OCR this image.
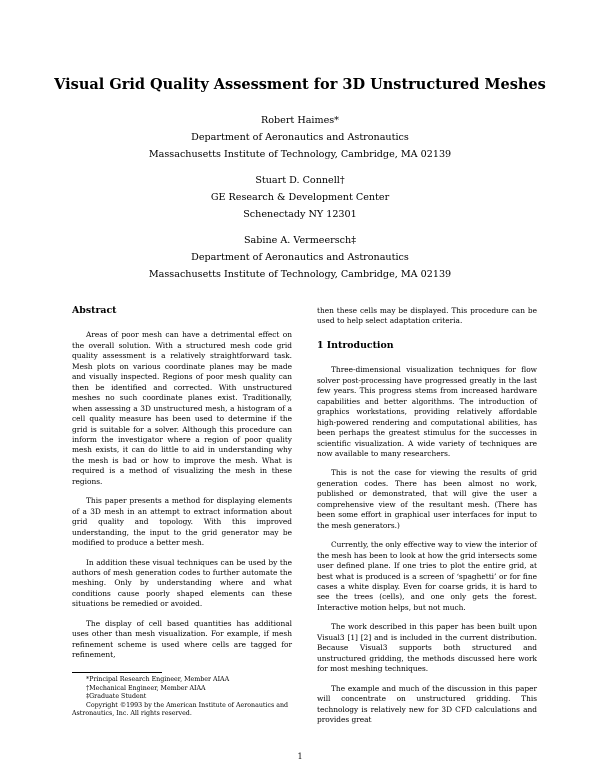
Visual Grid Quality Assessment for 3D Unstructured Meshes
Robert Haimes*
Department of Aeronautics and Astronautics
Massachusetts Institute of Technology, Cambridge, MA 02139
Stuart D. Connell†
GE Research & Development Center
Schenectady NY 12301
Sabine A. Vermeersch‡
Department of Aeronautics and Astronautics
Massachusetts Institute of Technology, Cambridge, MA 02139
Abstract

Areas of poor mesh can have a detrimental effect on the overall solution. With a structured mesh code grid quality assessment is a relatively straightforward task. Mesh plots on various coordinate planes may be made and visually inspected. Regions of poor mesh quality can then be identified and corrected. With unstructured meshes no such coordinate planes exist. Traditionally, when assessing a 3D unstructured mesh, a histogram of a cell quality measure has been used to determine if the grid is suitable for a solver. Although this procedure can inform the investigator where a region of poor quality mesh exists, it can do little to aid in understanding why the mesh is bad or how to improve the mesh. What is required is a method of visualizing the mesh in these regions.

This paper presents a method for displaying elements of a 3D mesh in an attempt to extract information about grid quality and topology. With this improved understanding, the input to the grid generator may be modified to produce a better mesh.

In addition these visual techniques can be used by the authors of mesh generation codes to further automate the meshing. Only by understanding where and what conditions cause poorly shaped elements can these situations be remedied or avoided.

The display of cell based quantities has additional uses other than mesh visualization. For example, if mesh refinement scheme is used where cells are tagged for refinement,

*Principal Research Engineer, Member AIAA
†Mechanical Engineer, Member AIAA
‡Graduate Student
Copyright ©1993 by the American Institute of Aeronautics and Astronautics, Inc. All rights reserved.

then these cells may be displayed. This procedure can be used to help select adaptation criteria.

1 Introduction

Three-dimensional visualization techniques for flow solver post-processing have progressed greatly in the last few years. This progress stems from increased hardware capabilities and better algorithms. The introduction of graphics workstations, providing relatively affordable high-powered rendering and computational abilities, has been perhaps the greatest stimulus for the successes in scientific visualization. A wide variety of techniques are now available to many researchers.

This is not the case for viewing the results of grid generation codes. There has been almost no work, published or demonstrated, that will give the user a comprehensive view of the resultant mesh. (There has been some effort in graphical user interfaces for input to the mesh generators.)

Currently, the only effective way to view the interior of the mesh has been to look at how the grid intersects some user defined plane. If one tries to plot the entire grid, at best what is produced is a screen of ‘spaghetti’ or for fine cases a white display. Even for coarse grids, it is hard to see the trees (cells), and one only gets the forest. Interactive motion helps, but not much.

The work described in this paper has been built upon Visual3 [1] [2] and is included in the current distribution. Because Visual3 supports both structured and unstructured gridding, the methods discussed here work for most meshing techniques.

The example and much of the discussion in this paper will concentrate on unstructured gridding. This technology is relatively new for 3D CFD calculations and provides great

1
